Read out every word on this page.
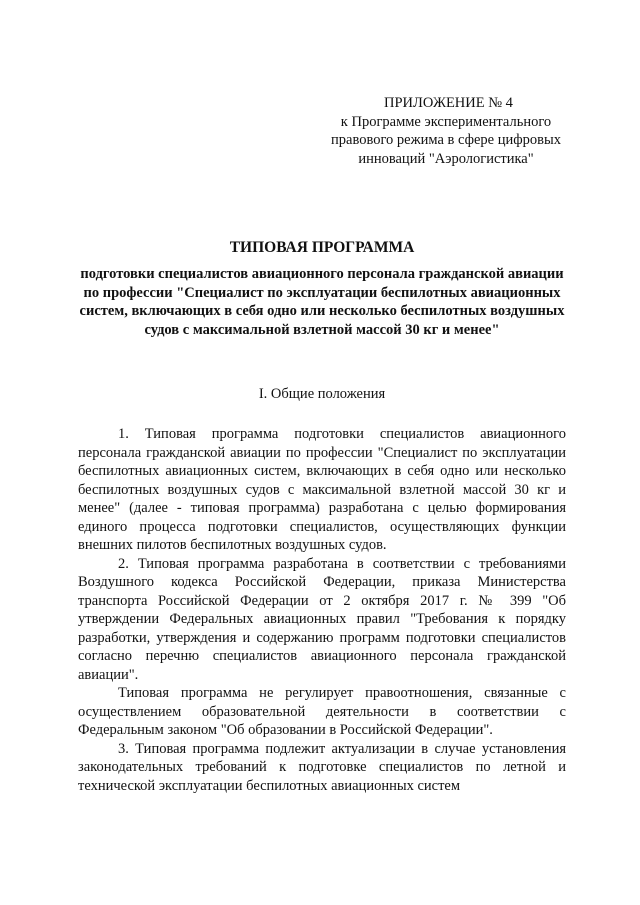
ПРИЛОЖЕНИЕ № 4
к Программе экспериментального правового режима в сфере цифровых инноваций "Аэрологистика"
ТИПОВАЯ ПРОГРАММА
подготовки специалистов авиационного персонала гражданской авиации по профессии "Специалист по эксплуатации беспилотных авиационных систем, включающих в себя одно или несколько беспилотных воздушных судов с максимальной взлетной массой 30 кг и менее"
I. Общие положения

1. Типовая программа подготовки специалистов авиационного персонала гражданской авиации по профессии "Специалист по эксплуатации беспилотных авиационных систем, включающих в себя одно или несколько беспилотных воздушных судов с максимальной взлетной массой 30 кг и менее" (далее - типовая программа) разработана с целью формирования единого процесса подготовки специалистов, осуществляющих функции внешних пилотов беспилотных воздушных судов.

2. Типовая программа разработана в соответствии с требованиями Воздушного кодекса Российской Федерации, приказа Министерства транспорта Российской Федерации от 2 октября 2017 г. № 399 "Об утверждении Федеральных авиационных правил "Требования к порядку разработки, утверждения и содержанию программ подготовки специалистов согласно перечню специалистов авиационного персонала гражданской авиации".

Типовая программа не регулирует правоотношения, связанные с осуществлением образовательной деятельности в соответствии с Федеральным законом "Об образовании в Российской Федерации".

3. Типовая программа подлежит актуализации в случае установления законодательных требований к подготовке специалистов по летной и технической эксплуатации беспилотных авиационных систем
